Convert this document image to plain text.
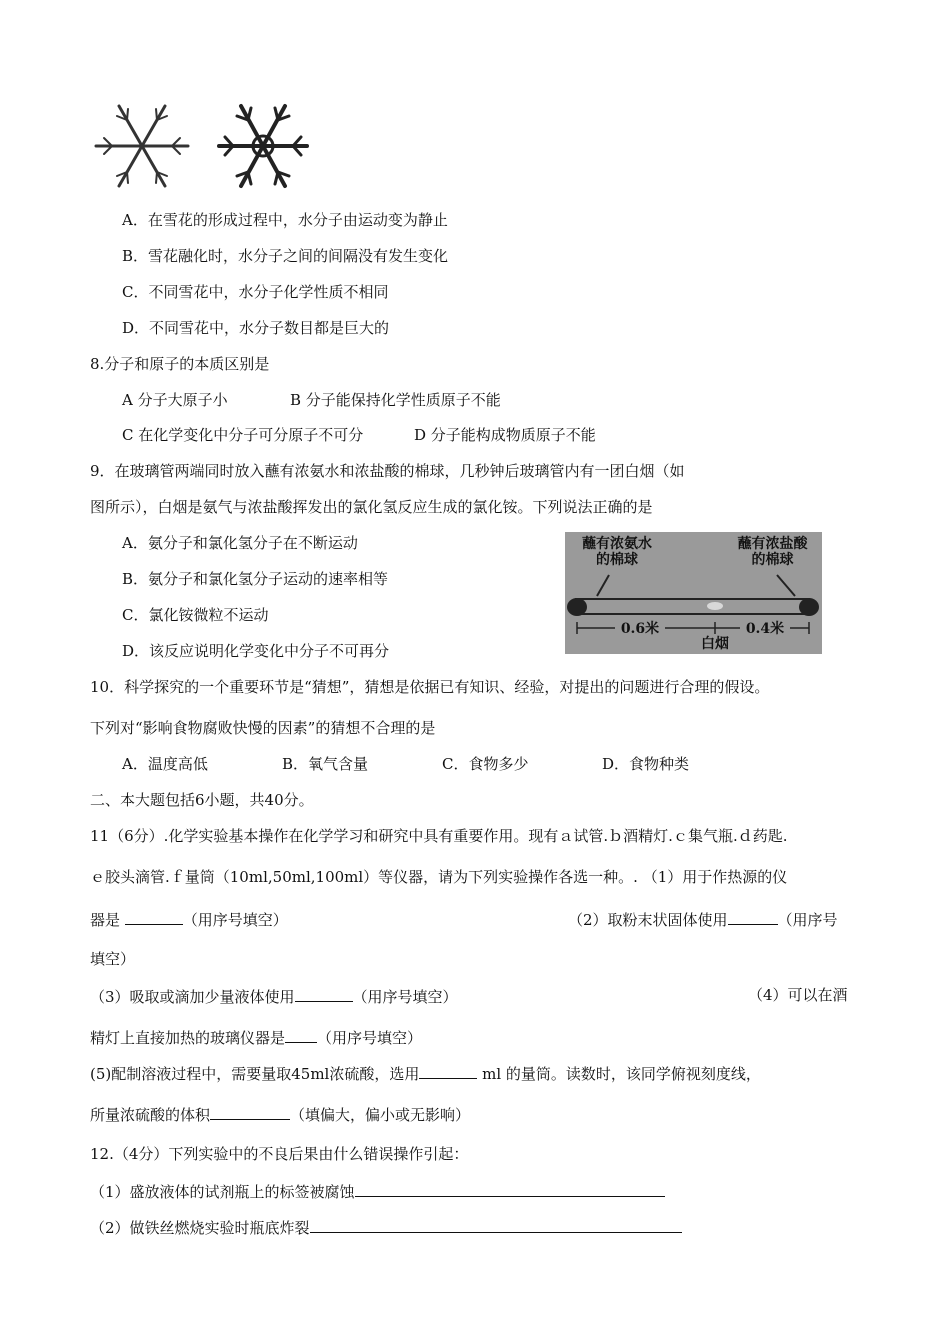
A．在雪花的形成过程中，水分子由运动变为静止
B．雪花融化时，水分子之间的间隔没有发生变化
C．不同雪花中，水分子化学性质不相同
D．不同雪花中，水分子数目都是巨大的
8.分子和原子的本质区别是
A 分子大原子小	B 分子能保持化学性质原子不能
C 在化学变化中分子可分原子不可分	D 分子能构成物质原子不能
9．在玻璃管两端同时放入蘸有浓氨水和浓盐酸的棉球，几秒钟后玻璃管内有一团白烟（如
图所示），白烟是氨气与浓盐酸挥发出的氯化氢反应生成的氯化铵。下列说法正确的是
A．氨分子和氯化氢分子在不断运动
B．氨分子和氯化氢分子运动的速率相等
C．氯化铵微粒不运动
D．该反应说明化学变化中分子不可再分
蘸有浓氨水
的棉球
蘸有浓盐酸
的棉球
0.6米	0.4米
白烟
10．科学探究的一个重要环节是“猜想”，猜想是依据已有知识、经验，对提出的问题进行合理的假设。
下列对“影响食物腐败快慢的因素”的猜想不合理的是
A．温度高低	B．氧气含量	C．食物多少	D．食物种类
二、本大题包括6小题，共40分。
11（6分）.化学实验基本操作在化学学习和研究中具有重要作用。现有ａ试管.ｂ酒精灯.ｃ集气瓶.ｄ药匙.
ｅ胶头滴管.ｆ量筒（10ml,50ml,100ml）等仪器，请为下列实验操作各选一种。. （1）用于作热源的仪
器是	（用序号填空）	（2）取粉末状固体使用	（用序号
填空）
（3）吸取或滴加少量液体使用	（用序号填空）	（4）可以在酒
精灯上直接加热的玻璃仪器是 （用序号填空）
(5)配制溶液过程中，需要量取45ml浓硫酸，选用	ml 的量筒。读数时，该同学俯视刻度线，
所量浓硫酸的体积	（填偏大，偏小或无影响）
12.（4分）下列实验中的不良后果由什么错误操作引起：
（1）盛放液体的试剂瓶上的标签被腐蚀
（2）做铁丝燃烧实验时瓶底炸裂
